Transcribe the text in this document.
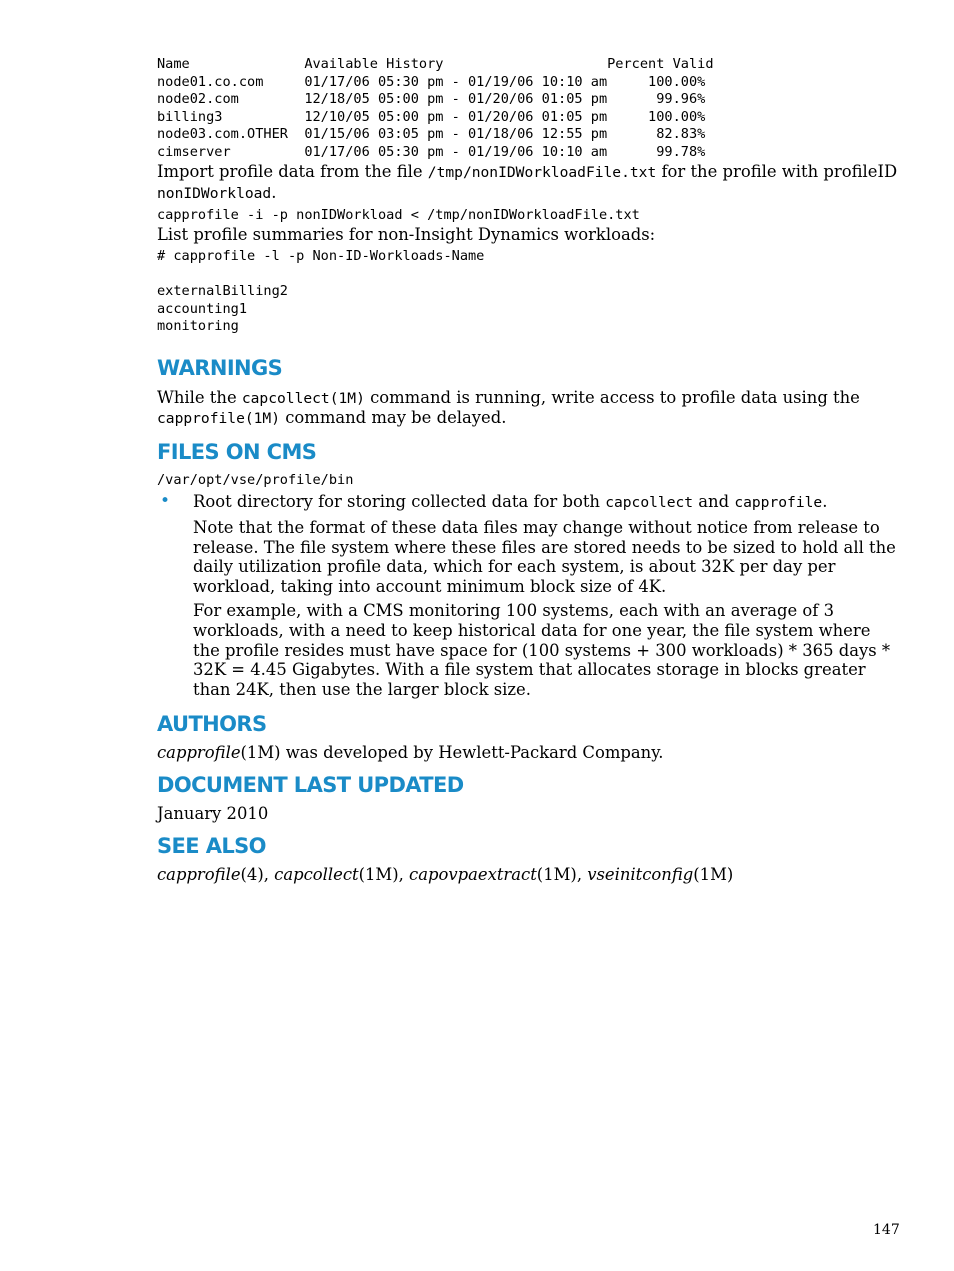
Name              Available History                    Percent Valid
node01.co.com     01/17/06 05:30 pm - 01/19/06 10:10 am     100.00%
node02.com        12/18/05 05:00 pm - 01/20/06 01:05 pm      99.96%
billing3          12/10/05 05:00 pm - 01/20/06 01:05 pm     100.00%
node03.com.OTHER  01/15/06 03:05 pm - 01/18/06 12:55 pm      82.83%
cimserver         01/17/06 05:30 pm - 01/19/06 10:10 am      99.78%

Import profile data from the file /tmp/nonIDWorkloadFile.txt for the profile with profileID nonIDWorkload.

capprofile -i -p nonIDWorkload < /tmp/nonIDWorkloadFile.txt

List profile summaries for non-Insight Dynamics workloads:

# capprofile -l -p Non-ID-Workloads-Name

externalBilling2
accounting1
monitoring
WARNINGS

While the capcollect(1M) command is running, write access to profile data using the capprofile(1M) command may be delayed.

FILES ON CMS
/var/opt/vse/profile/bin
• Root directory for storing collected data for both capcollect and capprofile.

Note that the format of these data files may change without notice from release to release. The file system where these files are stored needs to be sized to hold all the daily utilization profile data, which for each system, is about 32K per day per workload, taking into account minimum block size of 4K.

For example, with a CMS monitoring 100 systems, each with an average of 3 workloads, with a need to keep historical data for one year, the file system where the profile resides must have space for (100 systems + 300 workloads) * 365 days * 32K = 4.45 Gigabytes. With a file system that allocates storage in blocks greater than 24K, then use the larger block size.

AUTHORS

capprofile(1M) was developed by Hewlett-Packard Company.

DOCUMENT LAST UPDATED

January 2010

SEE ALSO

capprofile(4), capcollect(1M), capovpaextract(1M), vseinitconfig(1M)

147
